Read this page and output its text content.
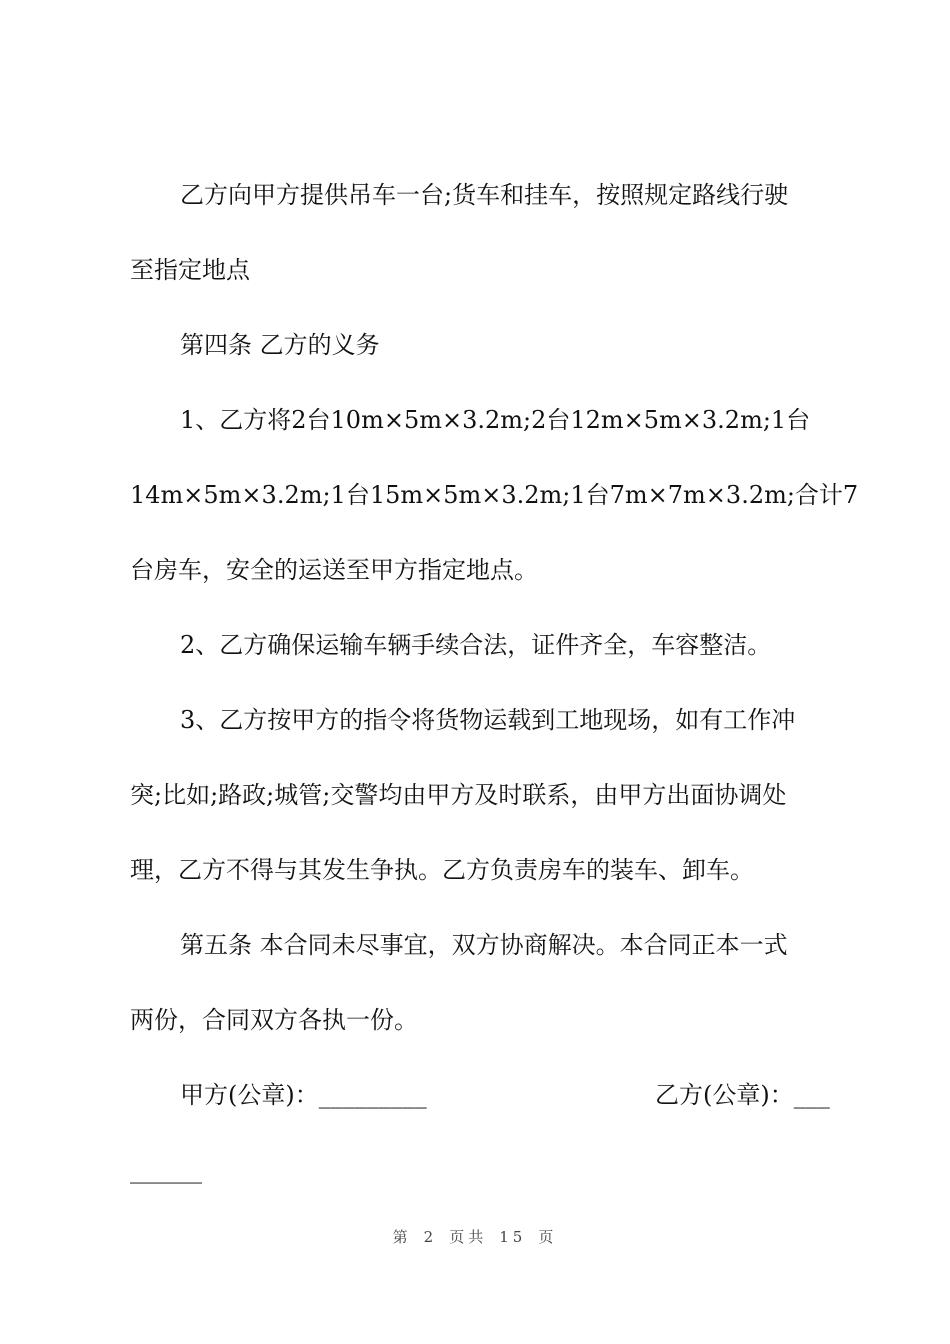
乙方向甲方提供吊车一台;货车和挂车，按照规定路线行驶
至指定地点
第四条 乙方的义务
1、乙方将2台10m×5m×3.2m;2台12m×5m×3.2m;1台
14m×5m×3.2m;1台15m×5m×3.2m;1台7m×7m×3.2m;合计7
台房车，安全的运送至甲方指定地点。
2、乙方确保运输车辆手续合法，证件齐全，车容整洁。
3、乙方按甲方的指令将货物运载到工地现场，如有工作冲
突;比如;路政;城管;交警均由甲方及时联系，由甲方出面协调处
理，乙方不得与其发生争执。乙方负责房车的装车、卸车。
第五条 本合同未尽事宜，双方协商解决。本合同正本一式
两份，合同双方各执一份。
甲方(公章)：_________	乙方(公章)：___
______
第 2 页共 15 页
